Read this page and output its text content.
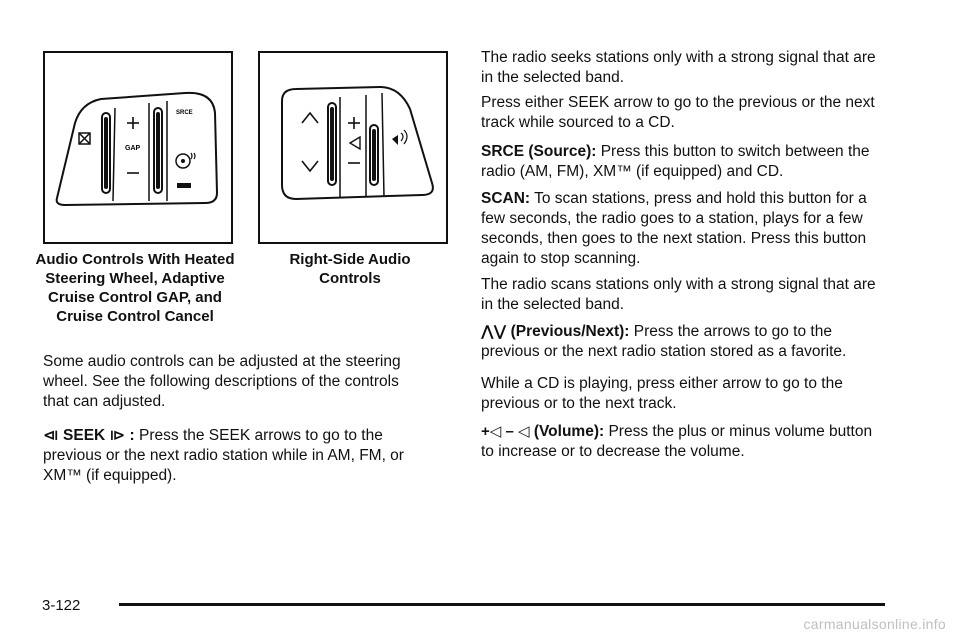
GAP
SRCE
Audio Controls With Heated Steering Wheel, Adaptive Cruise Control GAP, and Cruise Control Cancel
Right-Side Audio Controls

Some audio controls can be adjusted at the steering wheel. See the following descriptions of the controls that can adjusted.

⧏ SEEK ⧐ : Press the SEEK arrows to go to the previous or the next radio station while in AM, FM, or XM™ (if equipped).

The radio seeks stations only with a strong signal that are in the selected band.

Press either SEEK arrow to go to the previous or the next track while sourced to a CD.

SRCE (Source): Press this button to switch between the radio (AM, FM), XM™ (if equipped) and CD.

SCAN: To scan stations, press and hold this button for a few seconds, the radio goes to a station, plays for a few seconds, then goes to the next station. Press this button again to stop scanning.

The radio scans stations only with a strong signal that are in the selected band.

⋀⋁ (Previous/Next): Press the arrows to go to the previous or the next radio station stored as a favorite.

While a CD is playing, press either arrow to go to the previous or to the next track.

+◁ – ◁ (Volume): Press the plus or minus volume button to increase or to decrease the volume.

3-122
carmanualsonline.info
